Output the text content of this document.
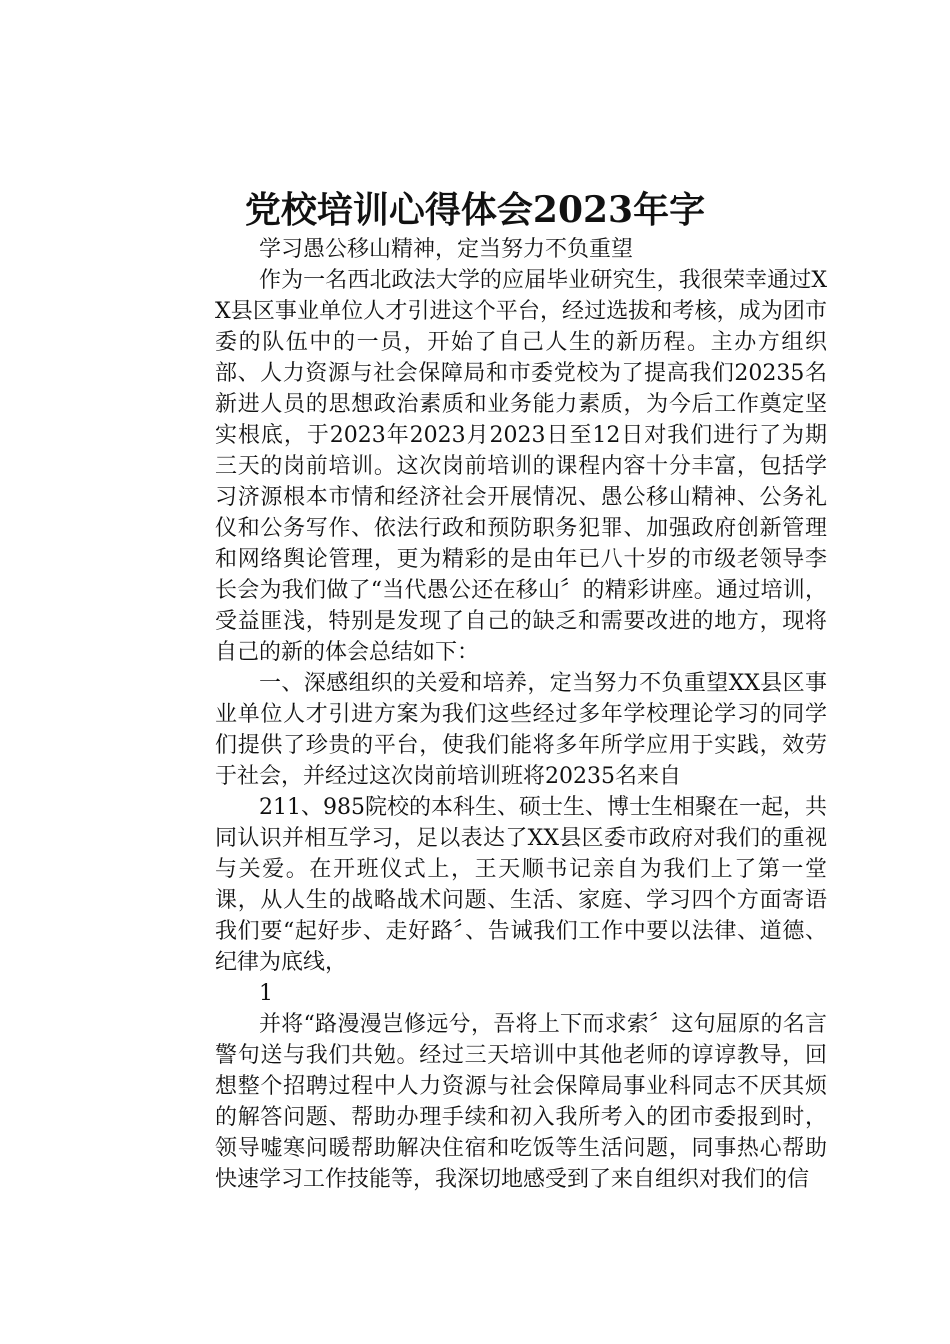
党校培训心得体会2023年字

学习愚公移山精神，定当努力不负重望

作为一名西北政法大学的应届毕业研究生，我很荣幸通过XX县区事业单位人才引进这个平台，经过选拔和考核，成为团市委的队伍中的一员，开始了自己人生的新历程。主办方组织部、人力资源与社会保障局和市委党校为了提高我们20235名新进人员的思想政治素质和业务能力素质，为今后工作奠定坚实根底，于2023年2023月2023日至12日对我们进行了为期三天的岗前培训。这次岗前培训的课程内容十分丰富，包括学习济源根本市情和经济社会开展情况、愚公移山精神、公务礼仪和公务写作、依法行政和预防职务犯罪、加强政府创新管理和网络舆论管理，更为精彩的是由年已八十岁的市级老领导李长会为我们做了“当代愚公还在移山〞的精彩讲座。通过培训，受益匪浅，特别是发现了自己的缺乏和需要改进的地方，现将自己的新的体会总结如下：

一、深感组织的关爱和培养，定当努力不负重望XX县区事业单位人才引进方案为我们这些经过多年学校理论学习的同学们提供了珍贵的平台，使我们能将多年所学应用于实践，效劳于社会，并经过这次岗前培训班将20235名来自

211、985院校的本科生、硕士生、博士生相聚在一起，共同认识并相互学习，足以表达了XX县区委市政府对我们的重视与关爱。在开班仪式上，王天顺书记亲自为我们上了第一堂课，从人生的战略战术问题、生活、家庭、学习四个方面寄语我们要“起好步、走好路〞、告诫我们工作中要以法律、道德、纪律为底线，

1

并将“路漫漫岂修远兮，吾将上下而求索〞这句屈原的名言警句送与我们共勉。经过三天培训中其他老师的谆谆教导，回想整个招聘过程中人力资源与社会保障局事业科同志不厌其烦的解答问题、帮助办理手续和初入我所考入的团市委报到时，领导嘘寒问暖帮助解决住宿和吃饭等生活问题，同事热心帮助快速学习工作技能等，我深切地感受到了来自组织对我们的信
